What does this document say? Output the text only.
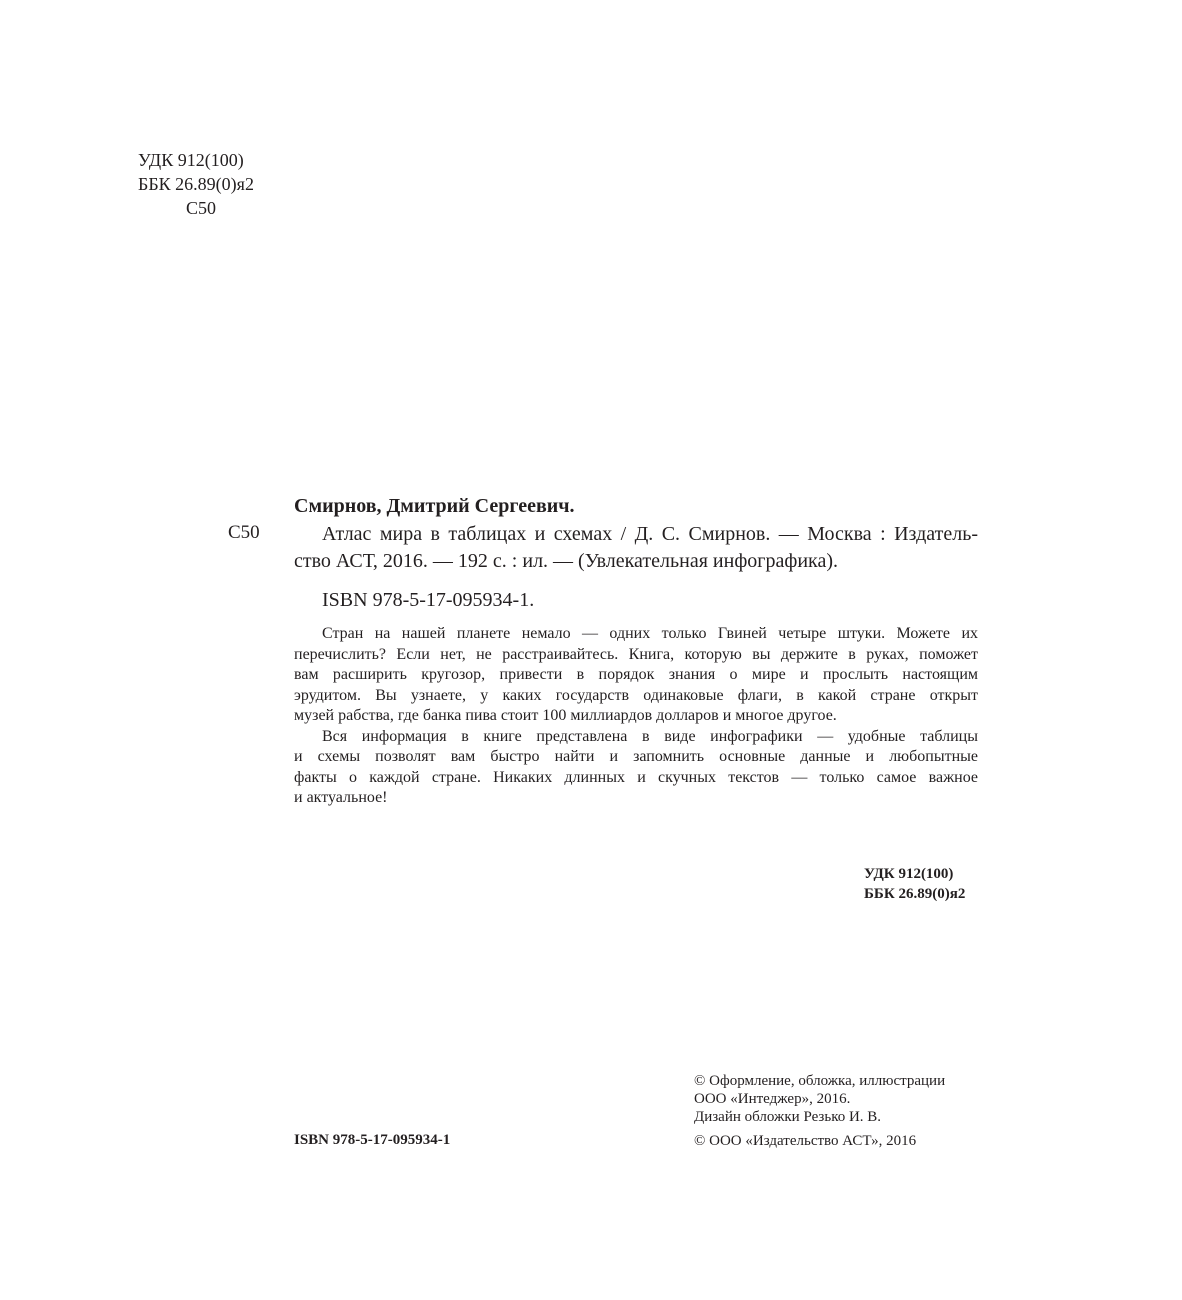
УДК 912(100)
ББК 26.89(0)я2
С50
Смирнов, Дмитрий Сергеевич.
С50	Атлас мира в таблицах и схемах / Д. С. Смирнов. — Москва : Издатель-
ство АСТ, 2016. — 192 с. : ил. — (Увлекательная инфографика).
ISBN 978-5-17-095934-1.
Стран на нашей планете немало — одних только Гвиней четыре штуки. Можете их
перечислить? Если нет, не расстраивайтесь. Книга, которую вы держите в руках, поможет
вам расширить кругозор, привести в порядок знания о мире и прослыть настоящим
эрудитом. Вы узнаете, у каких государств одинаковые флаги, в какой стране открыт
музей рабства, где банка пива стоит 100 миллиардов долларов и многое другое.
Вся информация в книге представлена в виде инфографики — удобные таблицы
и схемы позволят вам быстро найти и запомнить основные данные и любопытные
факты о каждой стране. Никаких длинных и скучных текстов — только самое важное
и актуальное!
УДК 912(100)
ББК 26.89(0)я2
© Оформление, обложка, иллюстрации
ООО «Интеджер», 2016.
Дизайн обложки Резько И. В.
© ООО «Издательство АСТ», 2016
ISBN 978-5-17-095934-1
